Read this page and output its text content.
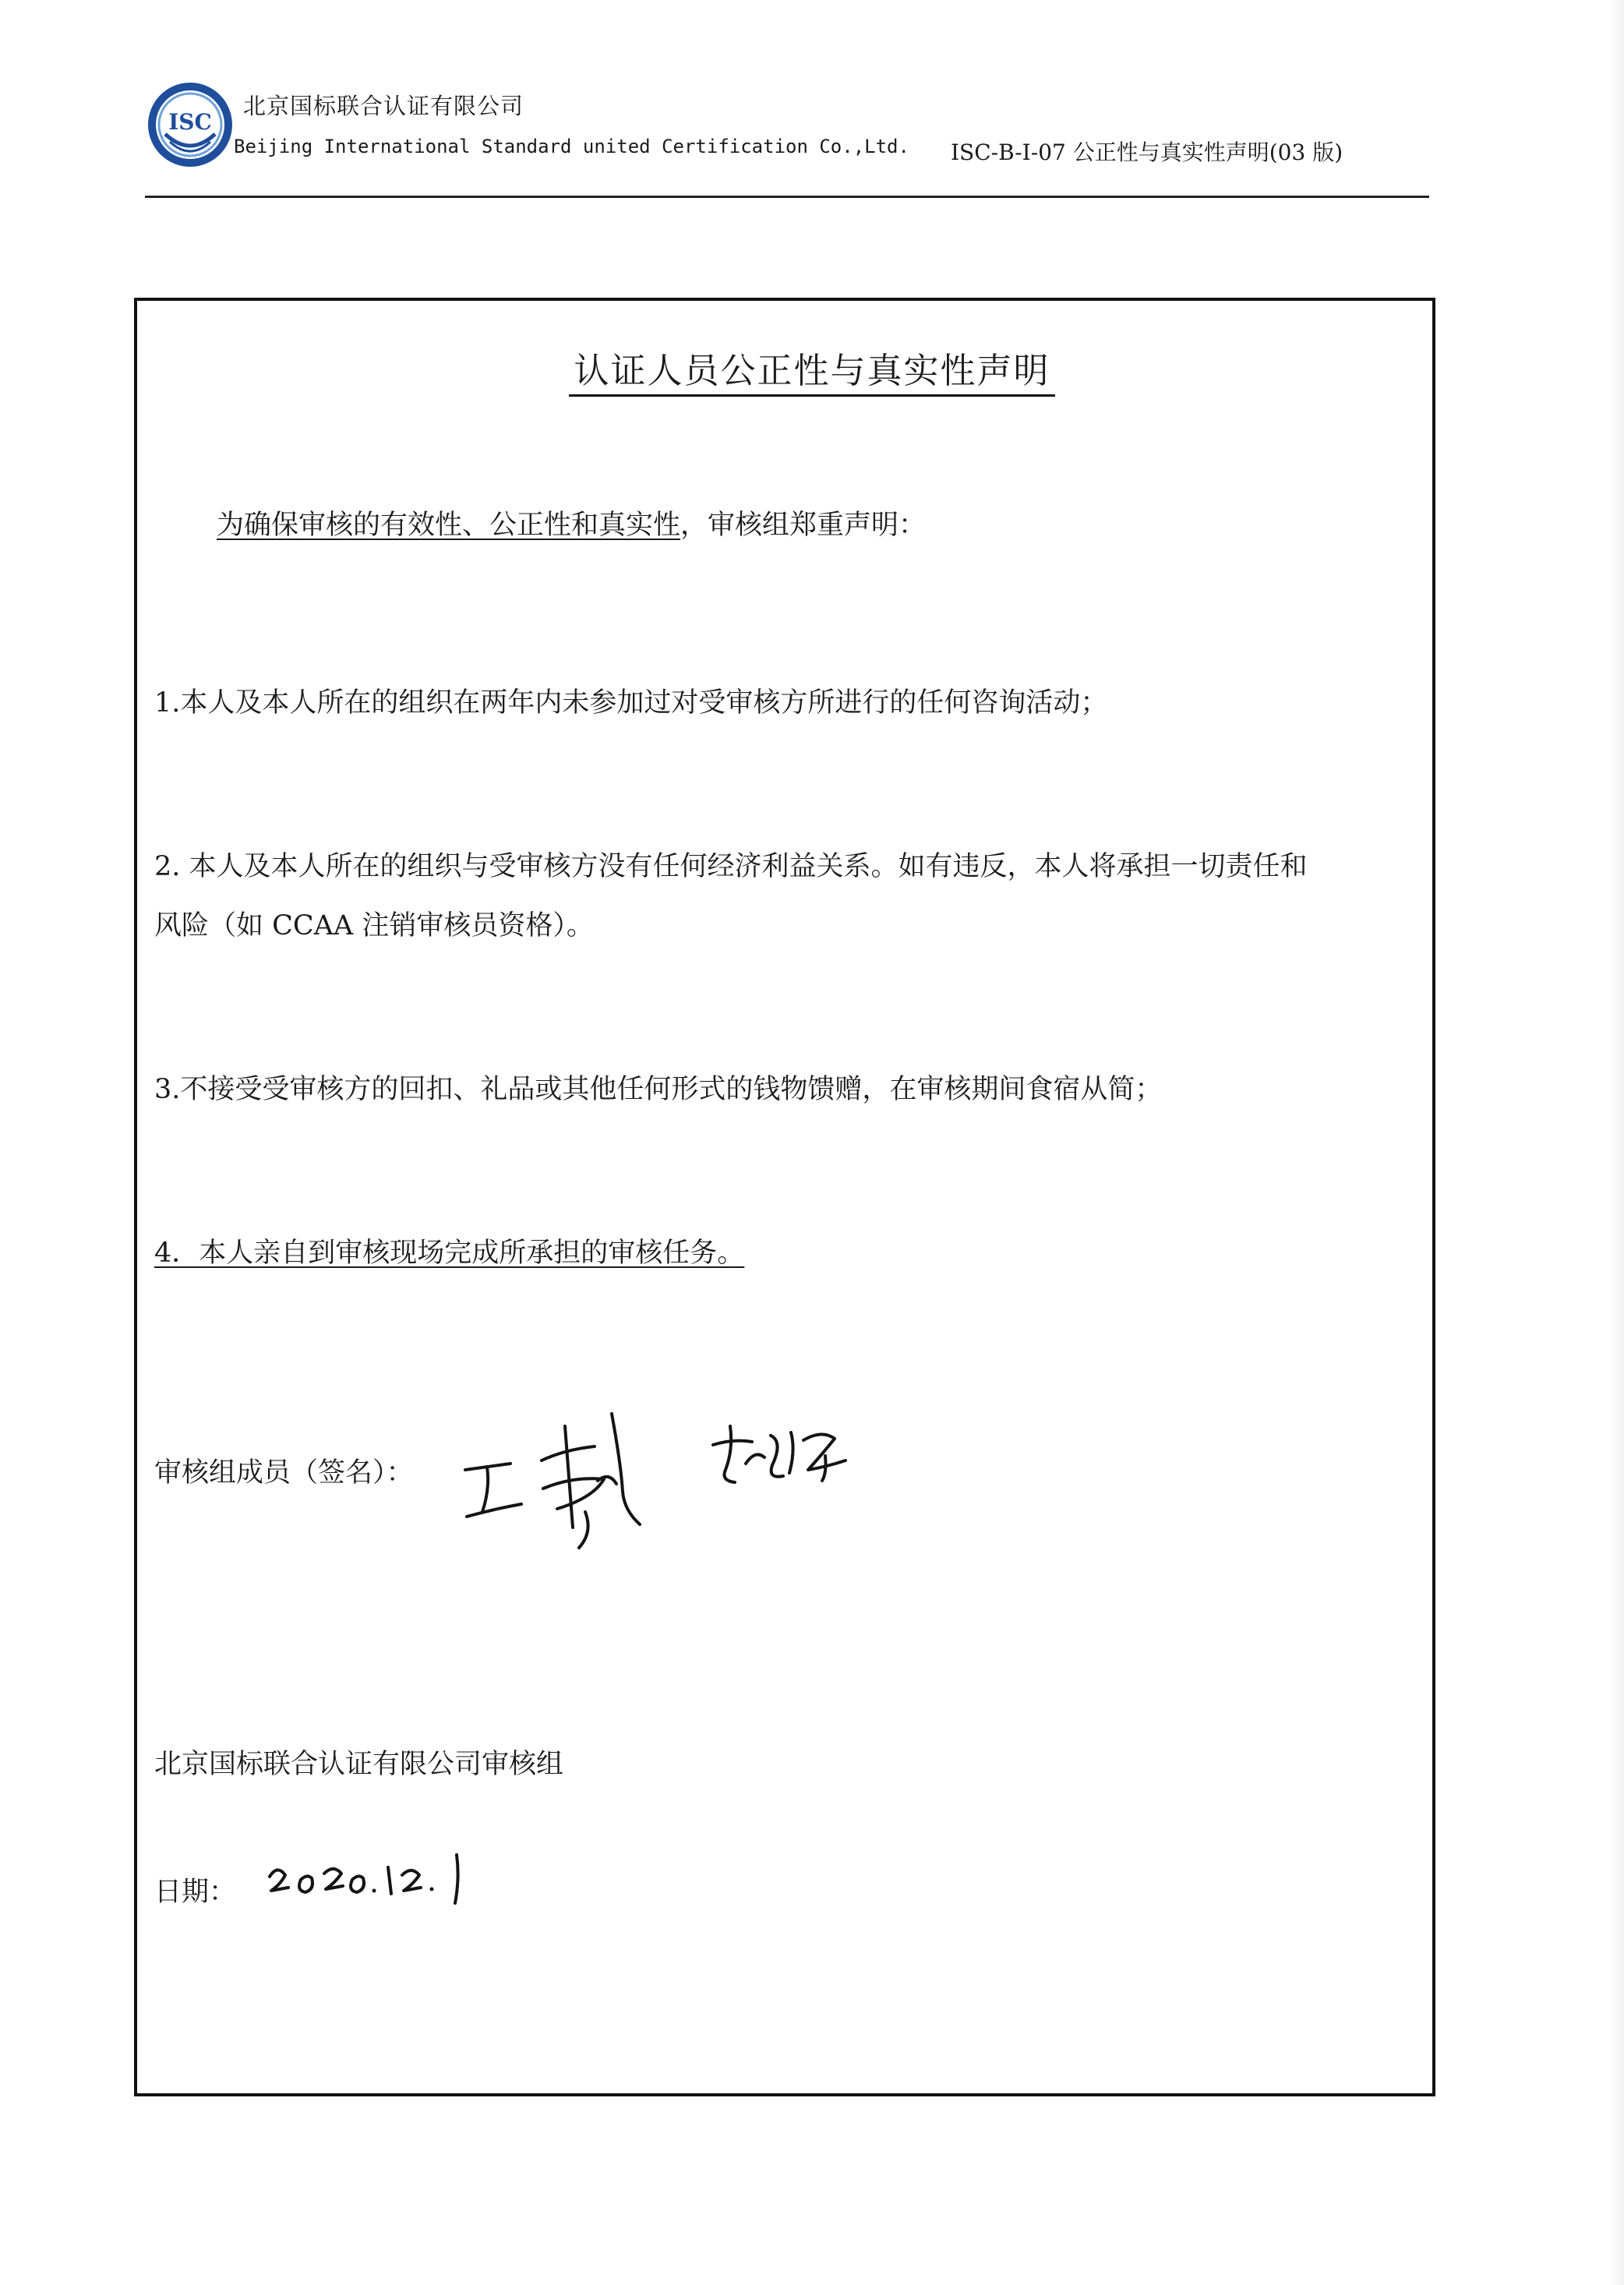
ISC
北京国标联合认证有限公司
Beijing International Standard united Certification Co.,Ltd. ISC-B-I-07 公正性与真实性声明(03 版)
认证人员公正性与真实性声明
为确保审核的有效性、公正性和真实性，审核组郑重声明：
1.本人及本人所在的组织在两年内未参加过对受审核方所进行的任何咨询活动；
2. 本人及本人所在的组织与受审核方没有任何经济利益关系。如有违反，本人将承担一切责任和
风险（如 CCAA 注销审核员资格）。
3.不接受受审核方的回扣、礼品或其他任何形式的钱物馈赠，在审核期间食宿从简；
4．本人亲自到审核现场完成所承担的审核任务。
审核组成员（签名）：
北京国标联合认证有限公司审核组
日期：
